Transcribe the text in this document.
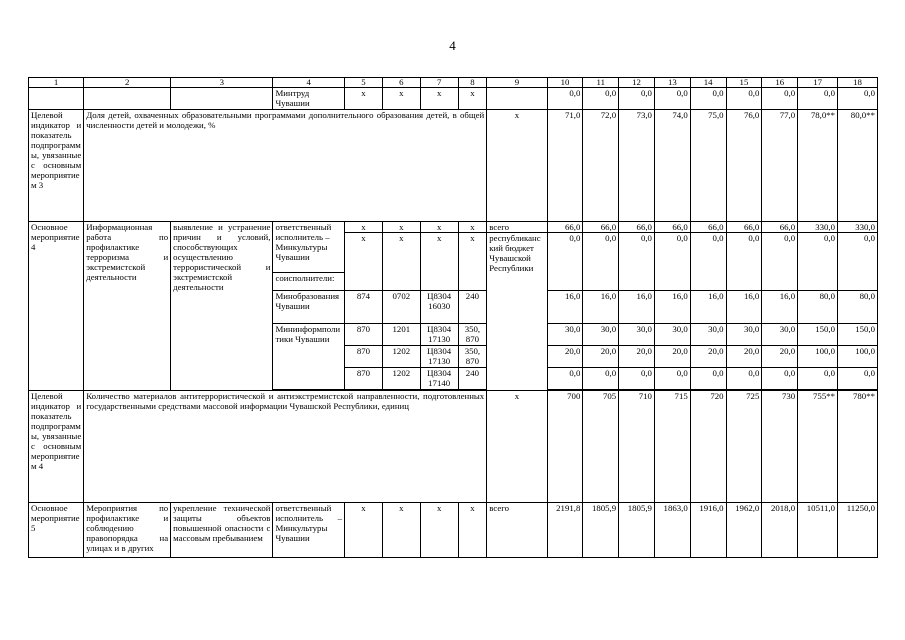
4
1	2	3	4	5	6	7	8	9	10	11	12	13	14	15	16	17	18
			Минтруд Чувашии	x	x	x	x		0,0	0,0	0,0	0,0	0,0	0,0	0,0	0,0	0,0
Целевой индикатор и показатель подпрограммы, увязанные с основным мероприятием 3	Доля детей, охваченных образовательными программами дополнительного образования детей, в общей численности детей и молодежи, %							x	71,0	72,0	73,0	74,0	75,0	76,0	77,0	78,0**	80,0**
Основное мероприятие 4	Информационная работа по профилактике терроризма и экстремистской деятельности	выявление и устранение причин и условий, способствующих осуществлению террористической и экстремистской деятельности	ответственный исполнитель – Минкультуры Чувашии	x	x	x	x	всего	66,0	66,0	66,0	66,0	66,0	66,0	66,0	330,0	330,0
				x	x	x	x	республиканский бюджет Чувашской Республики	0,0	0,0	0,0	0,0	0,0	0,0	0,0	0,0	0,0
			соисполнители:														
			Минобразования Чувашии	874	0702	Ц8304 16030	240		16,0	16,0	16,0	16,0	16,0	16,0	16,0	80,0	80,0
			Мининформполитики Чувашии	870	1201	Ц8304 17130	350, 870		30,0	30,0	30,0	30,0	30,0	30,0	30,0	150,0	150,0
				870	1202	Ц8304 17130	350, 870		20,0	20,0	20,0	20,0	20,0	20,0	20,0	100,0	100,0
				870	1202	Ц8304 17140	240		0,0	0,0	0,0	0,0	0,0	0,0	0,0	0,0	0,0

Целевой индикатор и показатель подпрограммы, увязанные с основным мероприятием 4	Количество материалов антитеррористической и антиэкстремистской направленности, подготовленных государственными средствами массовой информации Чувашской Республики, единиц							x	700	705	710	715	720	725	730	755**	780**
Основное мероприятие 5	Мероприятия по профилактике и соблюдению правопорядка на улицах и в других	укрепление технической защиты объектов повышенной опасности с массовым пребыванием	ответственный исполнитель – Минкультуры Чувашии	x	x	x	x	всего	2191,8	1805,9	1805,9	1863,0	1916,0	1962,0	2018,0	10511,0	11250,0
